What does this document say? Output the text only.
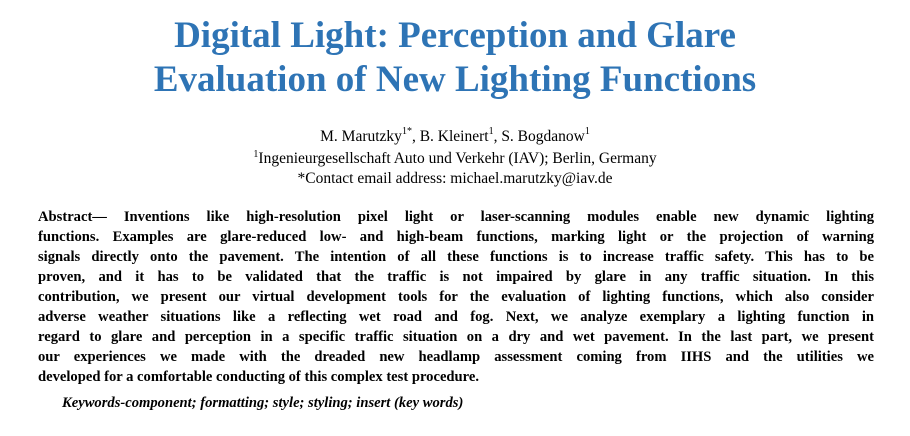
Digital Light: Perception and Glare
Evaluation of New Lighting Functions
M. Marutzky$^{1*}$, B. Kleinert$^1$, S. Bogdanow$^1$
$^1$Ingenieurgesellschaft Auto und Verkehr (IAV); Berlin, Germany
*Contact email address: michael.marutzky@iav.de

Abstract— Inventions like high-resolution pixel light or laser-scanning modules enable new dynamic lighting
functions. Examples are glare-reduced low- and high-beam functions, marking light or the projection of warning
signals directly onto the pavement. The intention of all these functions is to increase traffic safety. This has to be
proven, and it has to be validated that the traffic is not impaired by glare in any traffic situation. In this
contribution, we present our virtual development tools for the evaluation of lighting functions, which also consider
adverse weather situations like a reflecting wet road and fog. Next, we analyze exemplary a lighting function in
regard to glare and perception in a specific traffic situation on a dry and wet pavement. In the last part, we present
our experiences we made with the dreaded new headlamp assessment coming from IIHS and the utilities we
developed for a comfortable conducting of this complex test procedure.

Keywords-component; formatting; style; styling; insert (key words)
